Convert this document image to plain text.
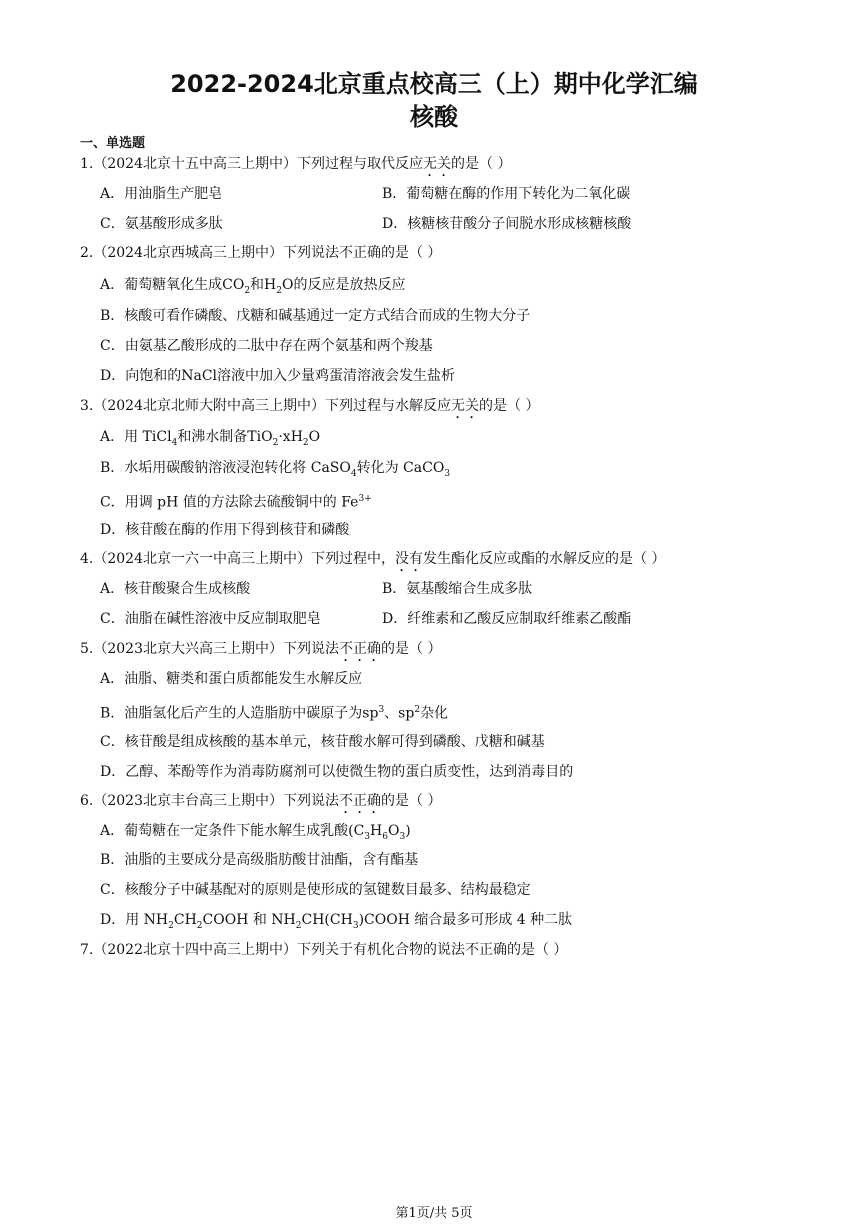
2022-2024北京重点校高三（上）期中化学汇编
核酸
一、单选题
1.（2024北京十五中高三上期中）下列过程与取代反应无关的是（ ）
A．用油脂生产肥皂	B．葡萄糖在酶的作用下转化为二氧化碳
C．氨基酸形成多肽	D．核糖核苷酸分子间脱水形成核糖核酸
2.（2024北京西城高三上期中）下列说法不正确的是（ ）
A．葡萄糖氧化生成$CO_2$和$H_2O$的反应是放热反应
B．核酸可看作磷酸、戊糖和碱基通过一定方式结合而成的生物大分子
C．由氨基乙酸形成的二肽中存在两个氨基和两个羧基
D．向饱和的NaCl溶液中加入少量鸡蛋清溶液会发生盐析
3.（2024北京北师大附中高三上期中）下列过程与水解反应无关的是（ ）
A．用 TiCl$_4$和沸水制备$TiO_2\cdot xH_2O$
B．水垢用碳酸钠溶液浸泡转化将 CaSO$_4$转化为 CaCO$_3$
C．用调 pH 值的方法除去硫酸铜中的 $Fe^{3+}$
D．核苷酸在酶的作用下得到核苷和磷酸
4.（2024北京一六一中高三上期中）下列过程中，没有发生酯化反应或酯的水解反应的是（ ）
A．核苷酸聚合生成核酸	B．氨基酸缩合生成多肽
C．油脂在碱性溶液中反应制取肥皂	D．纤维素和乙酸反应制取纤维素乙酸酯
5.（2023北京大兴高三上期中）下列说法不正确的是（ ）
A．油脂、糖类和蛋白质都能发生水解反应
B．油脂氢化后产生的人造脂肪中碳原子为$sp^3$、$sp^2$杂化
C．核苷酸是组成核酸的基本单元，核苷酸水解可得到磷酸、戊糖和碱基
D．乙醇、苯酚等作为消毒防腐剂可以使微生物的蛋白质变性，达到消毒目的
6.（2023北京丰台高三上期中）下列说法不正确的是（ ）
A．葡萄糖在一定条件下能水解生成乳酸$(C_3H_6O_3)$
B．油脂的主要成分是高级脂肪酸甘油酯，含有酯基
C．核酸分子中碱基配对的原则是使形成的氢键数目最多、结构最稳定
D．用 $NH_2CH_2COOH$ 和 $NH_2CH(CH_3)COOH$ 缩合最多可形成 4 种二肽
7.（2022北京十四中高三上期中）下列关于有机化合物的说法不正确的是（ ）
第1页/共 5页
